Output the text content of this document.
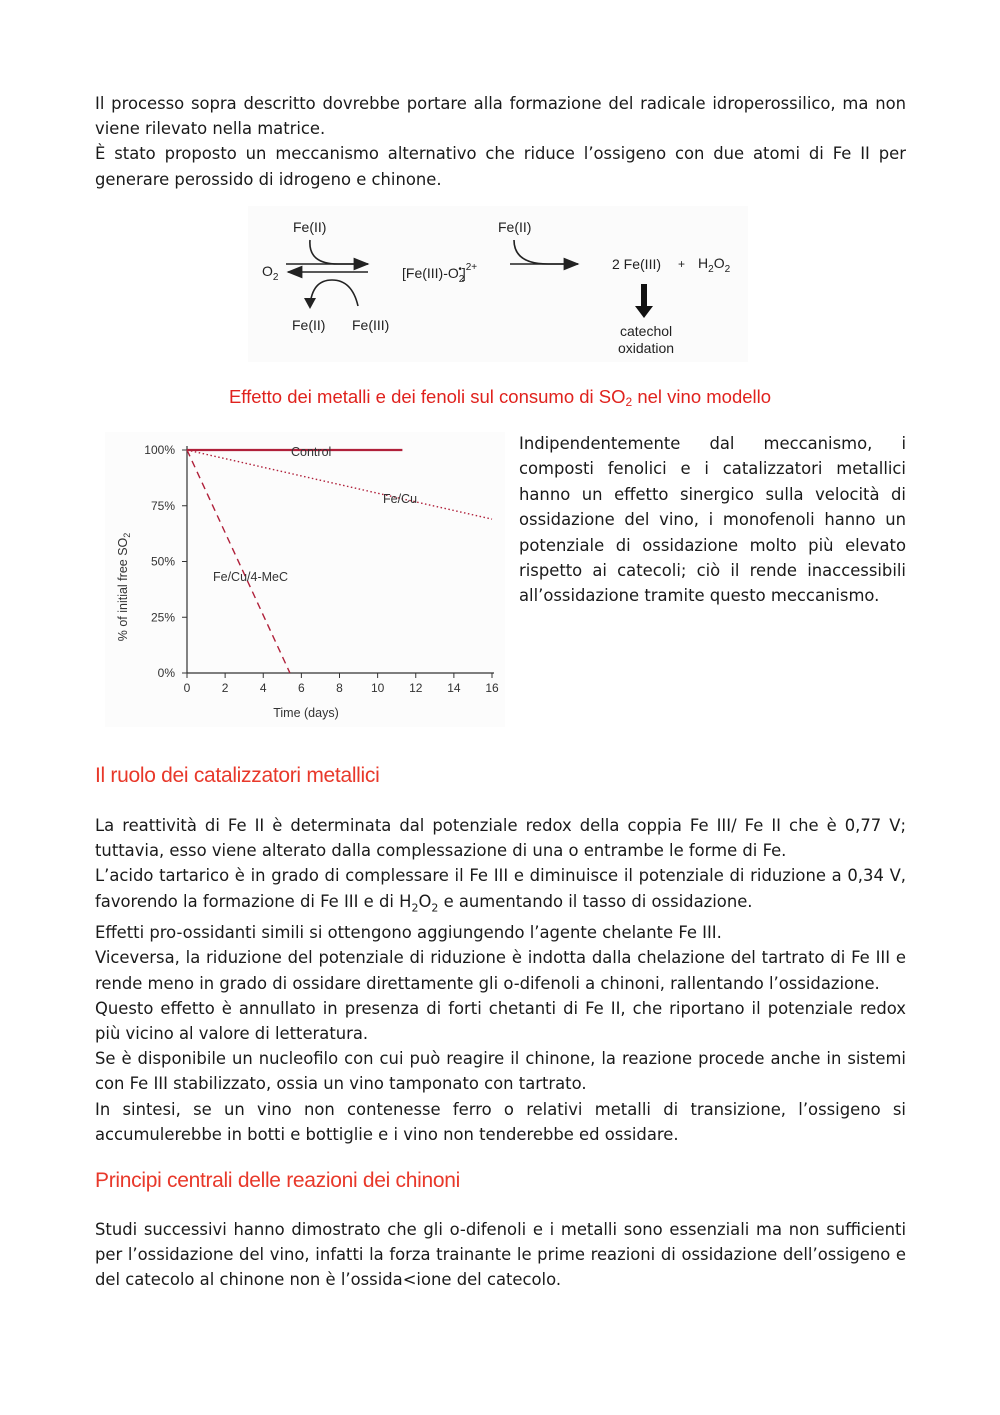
Il processo sopra descritto dovrebbe portare alla formazione del radicale idroperossilico, ma non viene rilevato nella matrice.

È stato proposto un meccanismo alternativo che riduce l’ossigeno con due atomi di Fe II per generare perossido di idrogeno e chinone.

$O_2$
Fe(II)
Fe(II) Fe(III)
$[Fe(III)-O_2•]^{2+}$
Fe(II)
2 $Fe(III) + H_2O_2$
catechol
oxidation

Effetto dei metalli e dei fenoli sul consumo di $SO_2$ nel vino modello

0	2	4	6	8 10 12 14 16
0%
25%
50%
75%
100%	Control
Fe/Cu
Fe/Cu/4-MeC
Time (days)
% of initial free $SO_2$

Indipendentemente dal meccanismo, i composti fenolici e i catalizzatori metallici hanno un effetto sinergico sulla velocità di ossidazione del vino, i monofenoli hanno un potenziale di ossidazione molto più elevato rispetto ai catecoli; ciò il rende inaccessibili all’ossidazione tramite questo meccanismo.

Il ruolo dei catalizzatori metallici

La reattività di Fe II è determinata dal potenziale redox della coppia Fe III/ Fe II che è 0,77 V; tuttavia, esso viene alterato dalla complessazione di una o entrambe le forme di Fe.

L’acido tartarico è in grado di complessare il Fe III e diminuisce il potenziale di riduzione a 0,34 V, favorendo la formazione di Fe III e di $H_2O_2$ e aumentando il tasso di ossidazione.

Effetti pro-ossidanti simili si ottengono aggiungendo l’agente chelante Fe III.

Viceversa, la riduzione del potenziale di riduzione è indotta dalla chelazione del tartrato di Fe III e rende meno in grado di ossidare direttamente gli o-difenoli a chinoni, rallentando l’ossidazione.

Questo effetto è annullato in presenza di forti chetanti di Fe II, che riportano il potenziale redox più vicino al valore di letteratura.

Se è disponibile un nucleofilo con cui può reagire il chinone, la reazione procede anche in sistemi con Fe III stabilizzato, ossia un vino tamponato con tartrato.

In sintesi, se un vino non contenesse ferro o relativi metalli di transizione, l’ossigeno si accumulerebbe in botti e bottiglie e i vino non tenderebbe ed ossidare.

Principi centrali delle reazioni dei chinoni

Studi successivi hanno dimostrato che gli o-difenoli e i metalli sono essenziali ma non sufficienti per l’ossidazione del vino, infatti la forza trainante le prime reazioni di ossidazione dell’ossigeno e del catecolo al chinone non è l’ossida<ione del catecolo.
